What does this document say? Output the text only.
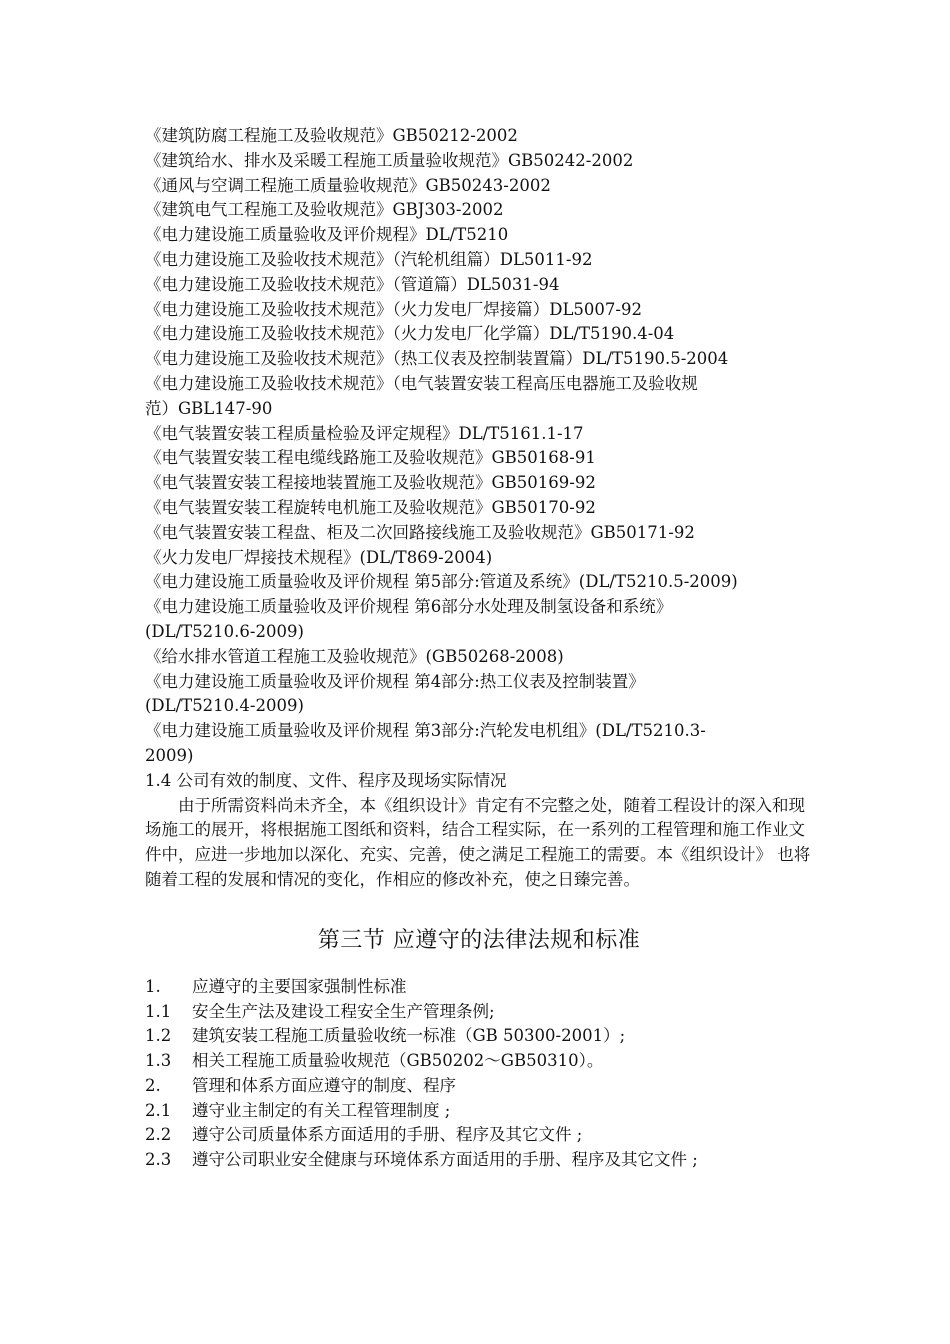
《建筑防腐工程施工及验收规范》GB50212-2002
《建筑给水、排水及采暖工程施工质量验收规范》GB50242-2002
《通风与空调工程施工质量验收规范》GB50243-2002
《建筑电气工程施工及验收规范》GBJ303-2002
《电力建设施工质量验收及评价规程》DL/T5210
《电力建设施工及验收技术规范》（汽轮机组篇）DL5011-92
《电力建设施工及验收技术规范》（管道篇）DL5031-94
《电力建设施工及验收技术规范》（火力发电厂焊接篇）DL5007-92
《电力建设施工及验收技术规范》（火力发电厂化学篇）DL/T5190.4-04
《电力建设施工及验收技术规范》（热工仪表及控制装置篇）DL/T5190.5-2004
《电力建设施工及验收技术规范》（电气装置安装工程高压电器施工及验收规
范）GBL147-90
《电气装置安装工程质量检验及评定规程》DL/T5161.1-17
《电气装置安装工程电缆线路施工及验收规范》GB50168-91
《电气装置安装工程接地装置施工及验收规范》GB50169-92
《电气装置安装工程旋转电机施工及验收规范》GB50170-92
《电气装置安装工程盘、柜及二次回路接线施工及验收规范》GB50171-92
《火力发电厂焊接技术规程》(DL/T869-2004)
《电力建设施工质量验收及评价规程 第5部分:管道及系统》(DL/T5210.5-2009)
《电力建设施工质量验收及评价规程 第6部分水处理及制氢设备和系统》
(DL/T5210.6-2009)
《给水排水管道工程施工及验收规范》(GB50268-2008)
《电力建设施工质量验收及评价规程 第4部分:热工仪表及控制装置》
(DL/T5210.4-2009)
《电力建设施工质量验收及评价规程 第3部分:汽轮发电机组》(DL/T5210.3-
2009)
1.4 公司有效的制度、文件、程序及现场实际情况
由于所需资料尚未齐全，本《组织设计》肯定有不完整之处，随着工程设计的深入和现场施工的展开，将根据施工图纸和资料，结合工程实际，在一系列的工程管理和施工作业文件中，应进一步地加以深化、充实、完善，使之满足工程施工的需要。本《组织设计》 也将随着工程的发展和情况的变化，作相应的修改补充，使之日臻完善。
第三节 应遵守的法律法规和标准
1.	应遵守的主要国家强制性标准
1.1	安全生产法及建设工程安全生产管理条例;
1.2	建筑安装工程施工质量验收统一标准（GB 50300-2001）;
1.3	相关工程施工质量验收规范（GB50202～GB50310）。
2.	管理和体系方面应遵守的制度、程序
2.1	遵守业主制定的有关工程管理制度 ;
2.2	遵守公司质量体系方面适用的手册、程序及其它文件 ;
2.3	遵守公司职业安全健康与环境体系方面适用的手册、程序及其它文件 ;
